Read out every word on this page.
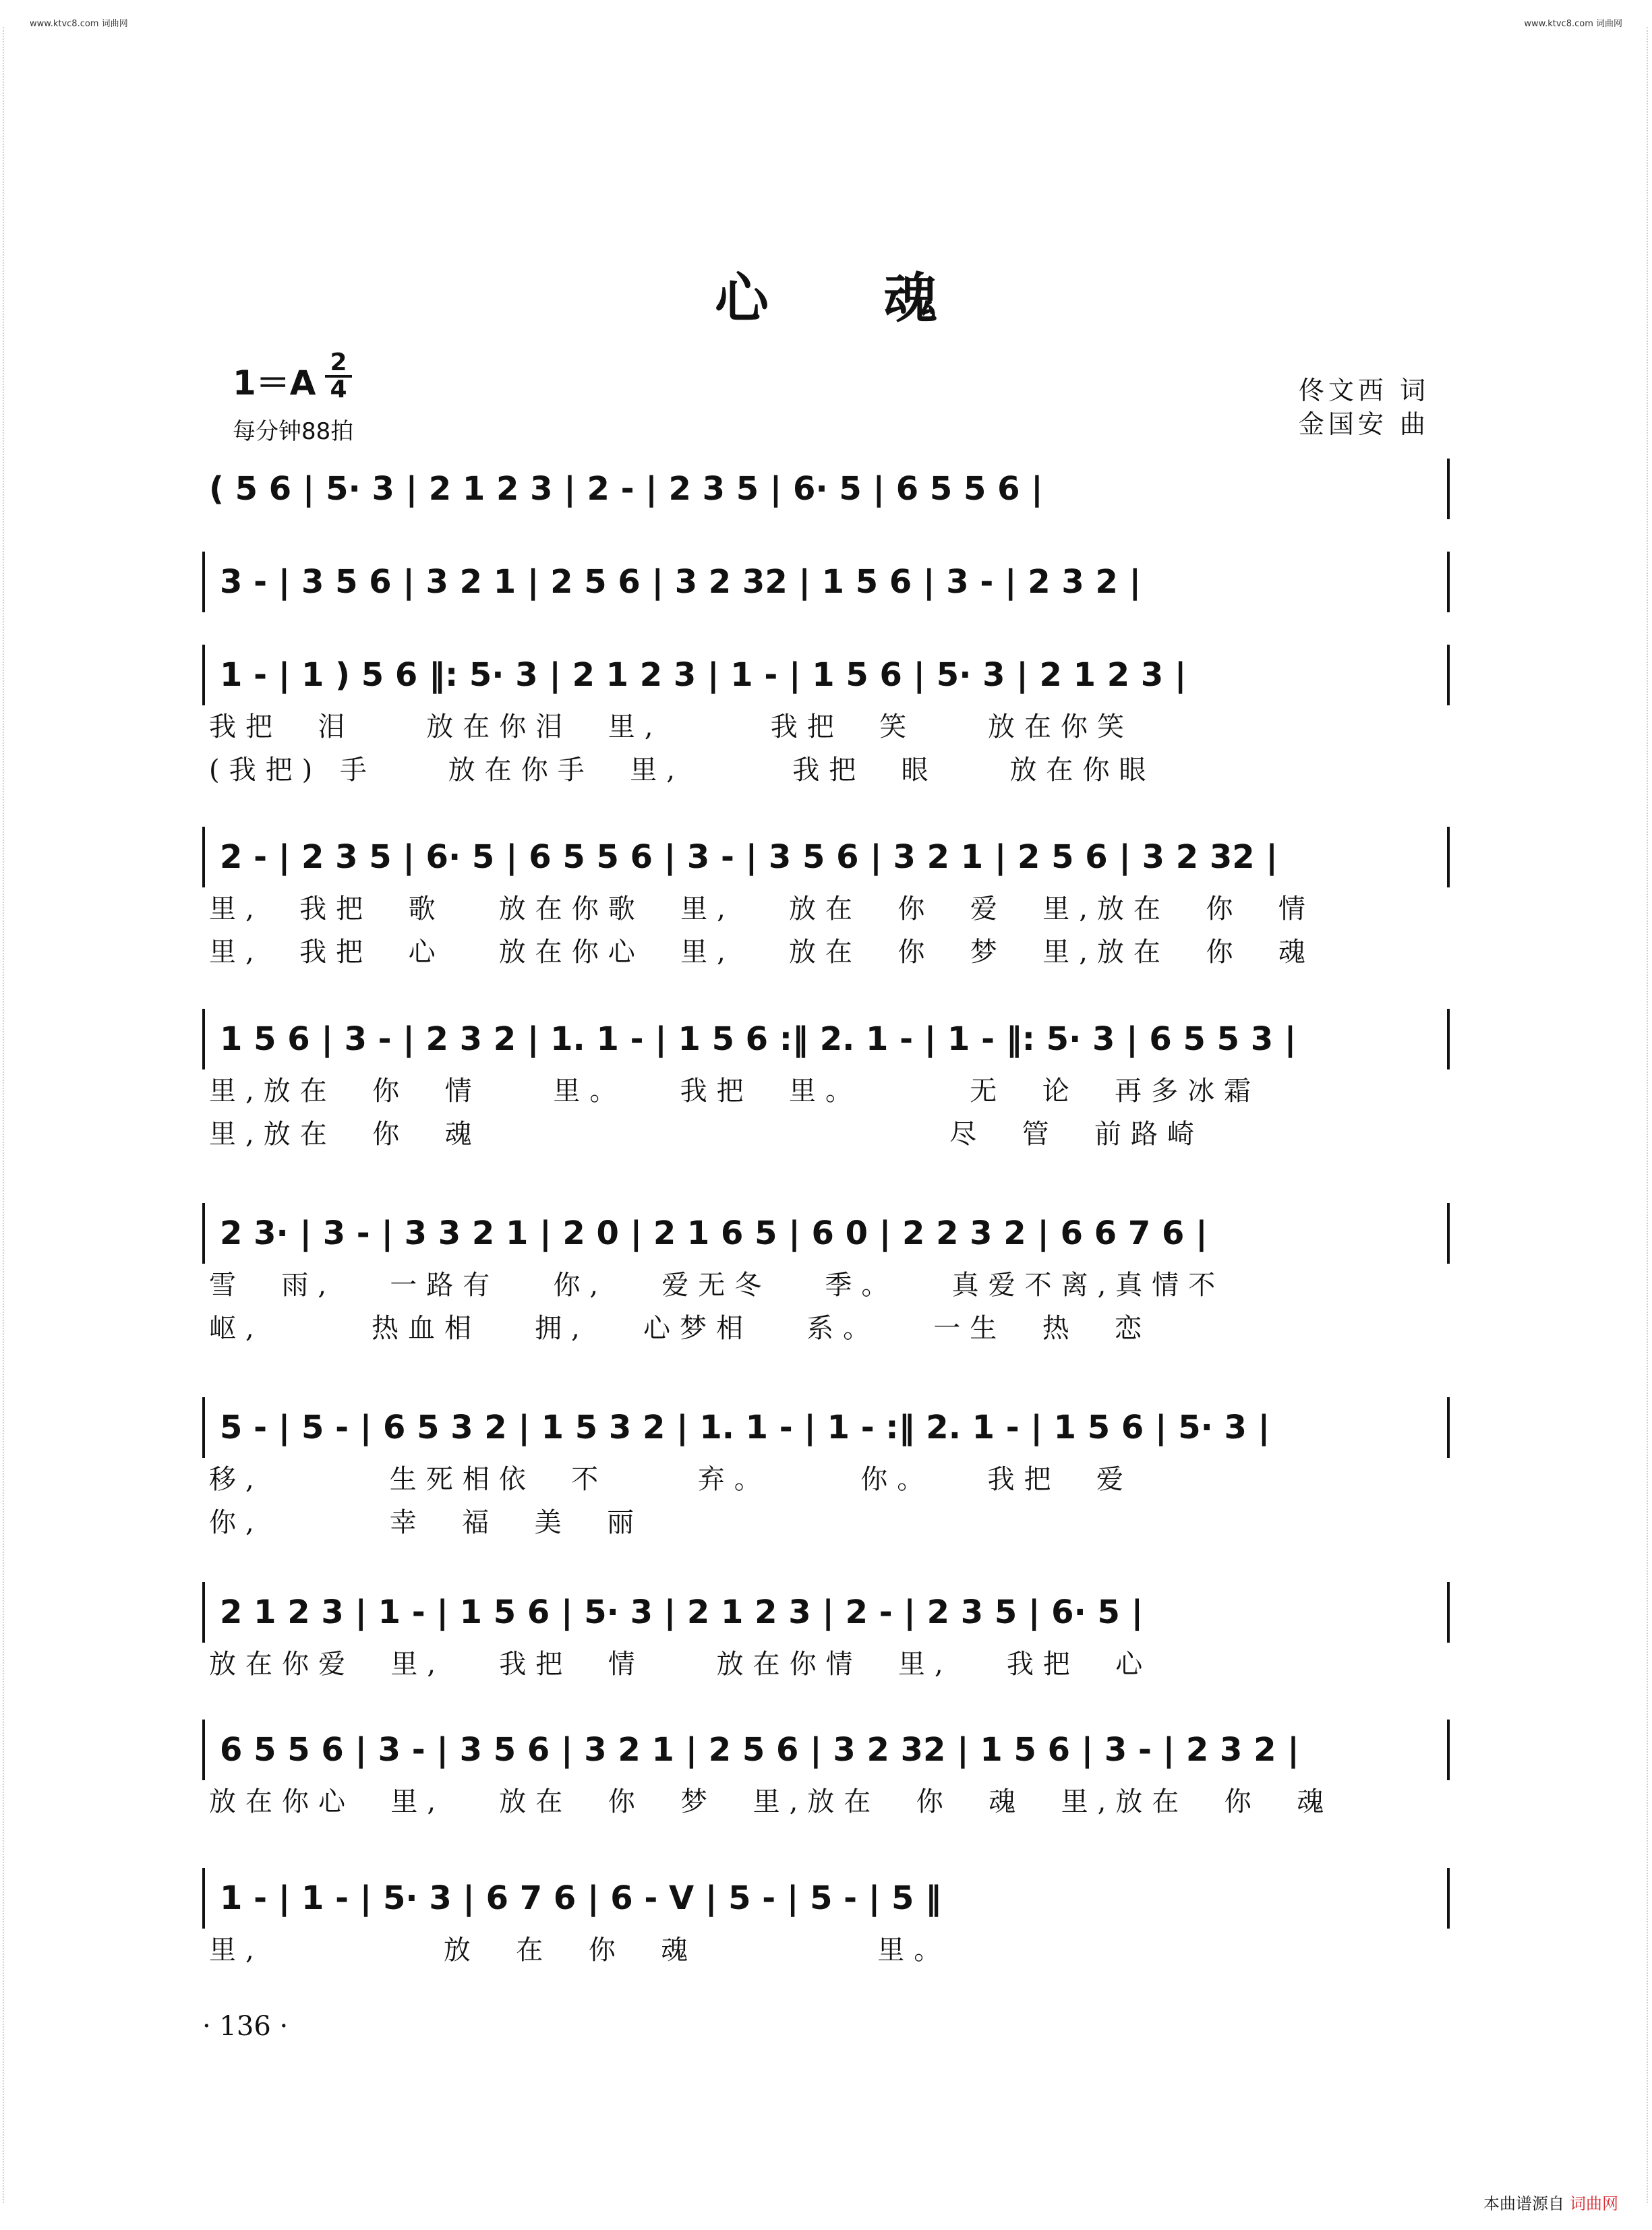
www.ktvc8.com 词曲网	www.ktvc8.com 词曲网
心魂
1＝A
2
4
每分钟88拍
佟文西 词
金国安 曲
( 5 6 | 5· 3 | 2 1 2 3 | 2 - | 2 3 5 | 6· 5 | 6 5 5 6 |
3 - | 3 5 6 | 3 2 1 | 2 5 6 | 3 2 32 | 1 5 6 | 3 - | 2 3 2 |
1 - | 1 ) 5 6 ‖: 5· 3 | 2 1 2 3 | 1 - | 1 5 6 | 5· 3 | 2 1 2 3 |
我把  泪    放在你泪  里,      我把  笑    放在你笑
(我把) 手    放在你手  里,      我把  眼    放在你眼
2 - | 2 3 5 | 6· 5 | 6 5 5 6 | 3 - | 3 5 6 | 3 2 1 | 2 5 6 | 3 2 32 |
里,  我把  歌   放在你歌  里,   放在  你  爱  里,放在  你  情
里,  我把  心   放在你心  里,   放在  你  梦  里,放在  你  魂
1 5 6 | 3 - | 2 3 2 | 1. 1 - | 1 5 6 :‖ 2. 1 - | 1 - ‖: 5· 3 | 6 5 5 3 |
里,放在  你  情    里。   我把  里。      无  论  再多冰霜
里,放在  你  魂                          尽  管  前路崎
2 3· | 3 - | 3 3 2 1 | 2 0 | 2 1 6 5 | 6 0 | 2 2 3 2 | 6 6 7 6 |
雪  雨,   一路有   你,   爱无冬   季。   真爱不离,真情不
岖,      热血相   拥,   心梦相   系。   一生  热  恋
5 - | 5 - | 6 5 3 2 | 1 5 3 2 | 1. 1 - | 1 - :‖ 2. 1 - | 1 5 6 | 5· 3 |
移,       生死相依  不     弃。     你。   我把  爱
你,       幸  福  美  丽
2 1 2 3 | 1 - | 1 5 6 | 5· 3 | 2 1 2 3 | 2 - | 2 3 5 | 6· 5 |
放在你爱  里,   我把  情    放在你情  里,   我把  心
6 5 5 6 | 3 - | 3 5 6 | 3 2 1 | 2 5 6 | 3 2 32 | 1 5 6 | 3 - | 2 3 2 |
放在你心  里,   放在  你  梦  里,放在  你  魂  里,放在  你  魂
1 - | 1 - | 5· 3 | 6 7 6 | 6 - V | 5 - | 5 - | 5 ‖
里,          放  在  你  魂          里。
· 136 ·
本曲谱源自 词曲网
